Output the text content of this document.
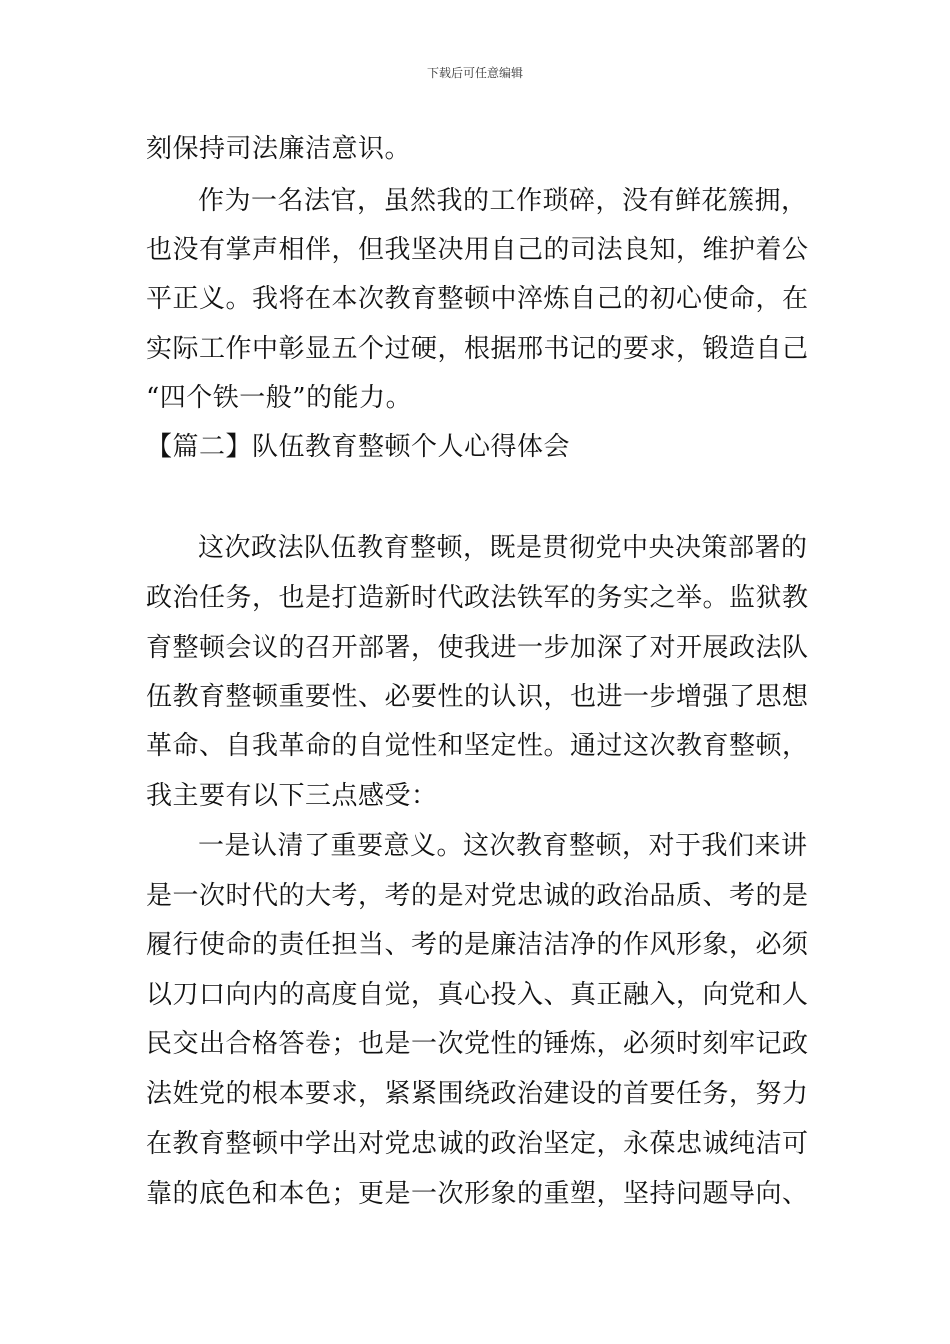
下载后可任意编辑

刻保持司法廉洁意识。

作为一名法官，虽然我的工作琐碎，没有鲜花簇拥，

也没有掌声相伴，但我坚决用自己的司法良知，维护着公

平正义。我将在本次教育整顿中淬炼自己的初心使命，在

实际工作中彰显五个过硬，根据邢书记的要求，锻造自己

“四个铁一般”的能力。

【篇二】队伍教育整顿个人心得体会

这次政法队伍教育整顿，既是贯彻党中央决策部署的

政治任务，也是打造新时代政法铁军的务实之举。监狱教

育整顿会议的召开部署，使我进一步加深了对开展政法队

伍教育整顿重要性、必要性的认识，也进一步增强了思想

革命、自我革命的自觉性和坚定性。通过这次教育整顿，

我主要有以下三点感受：

一是认清了重要意义。这次教育整顿，对于我们来讲

是一次时代的大考，考的是对党忠诚的政治品质、考的是

履行使命的责任担当、考的是廉洁洁净的作风形象，必须

以刀口向内的高度自觉，真心投入、真正融入，向党和人

民交出合格答卷；也是一次党性的锤炼，必须时刻牢记政

法姓党的根本要求，紧紧围绕政治建设的首要任务，努力

在教育整顿中学出对党忠诚的政治坚定，永葆忠诚纯洁可

靠的底色和本色；更是一次形象的重塑，坚持问题导向、
